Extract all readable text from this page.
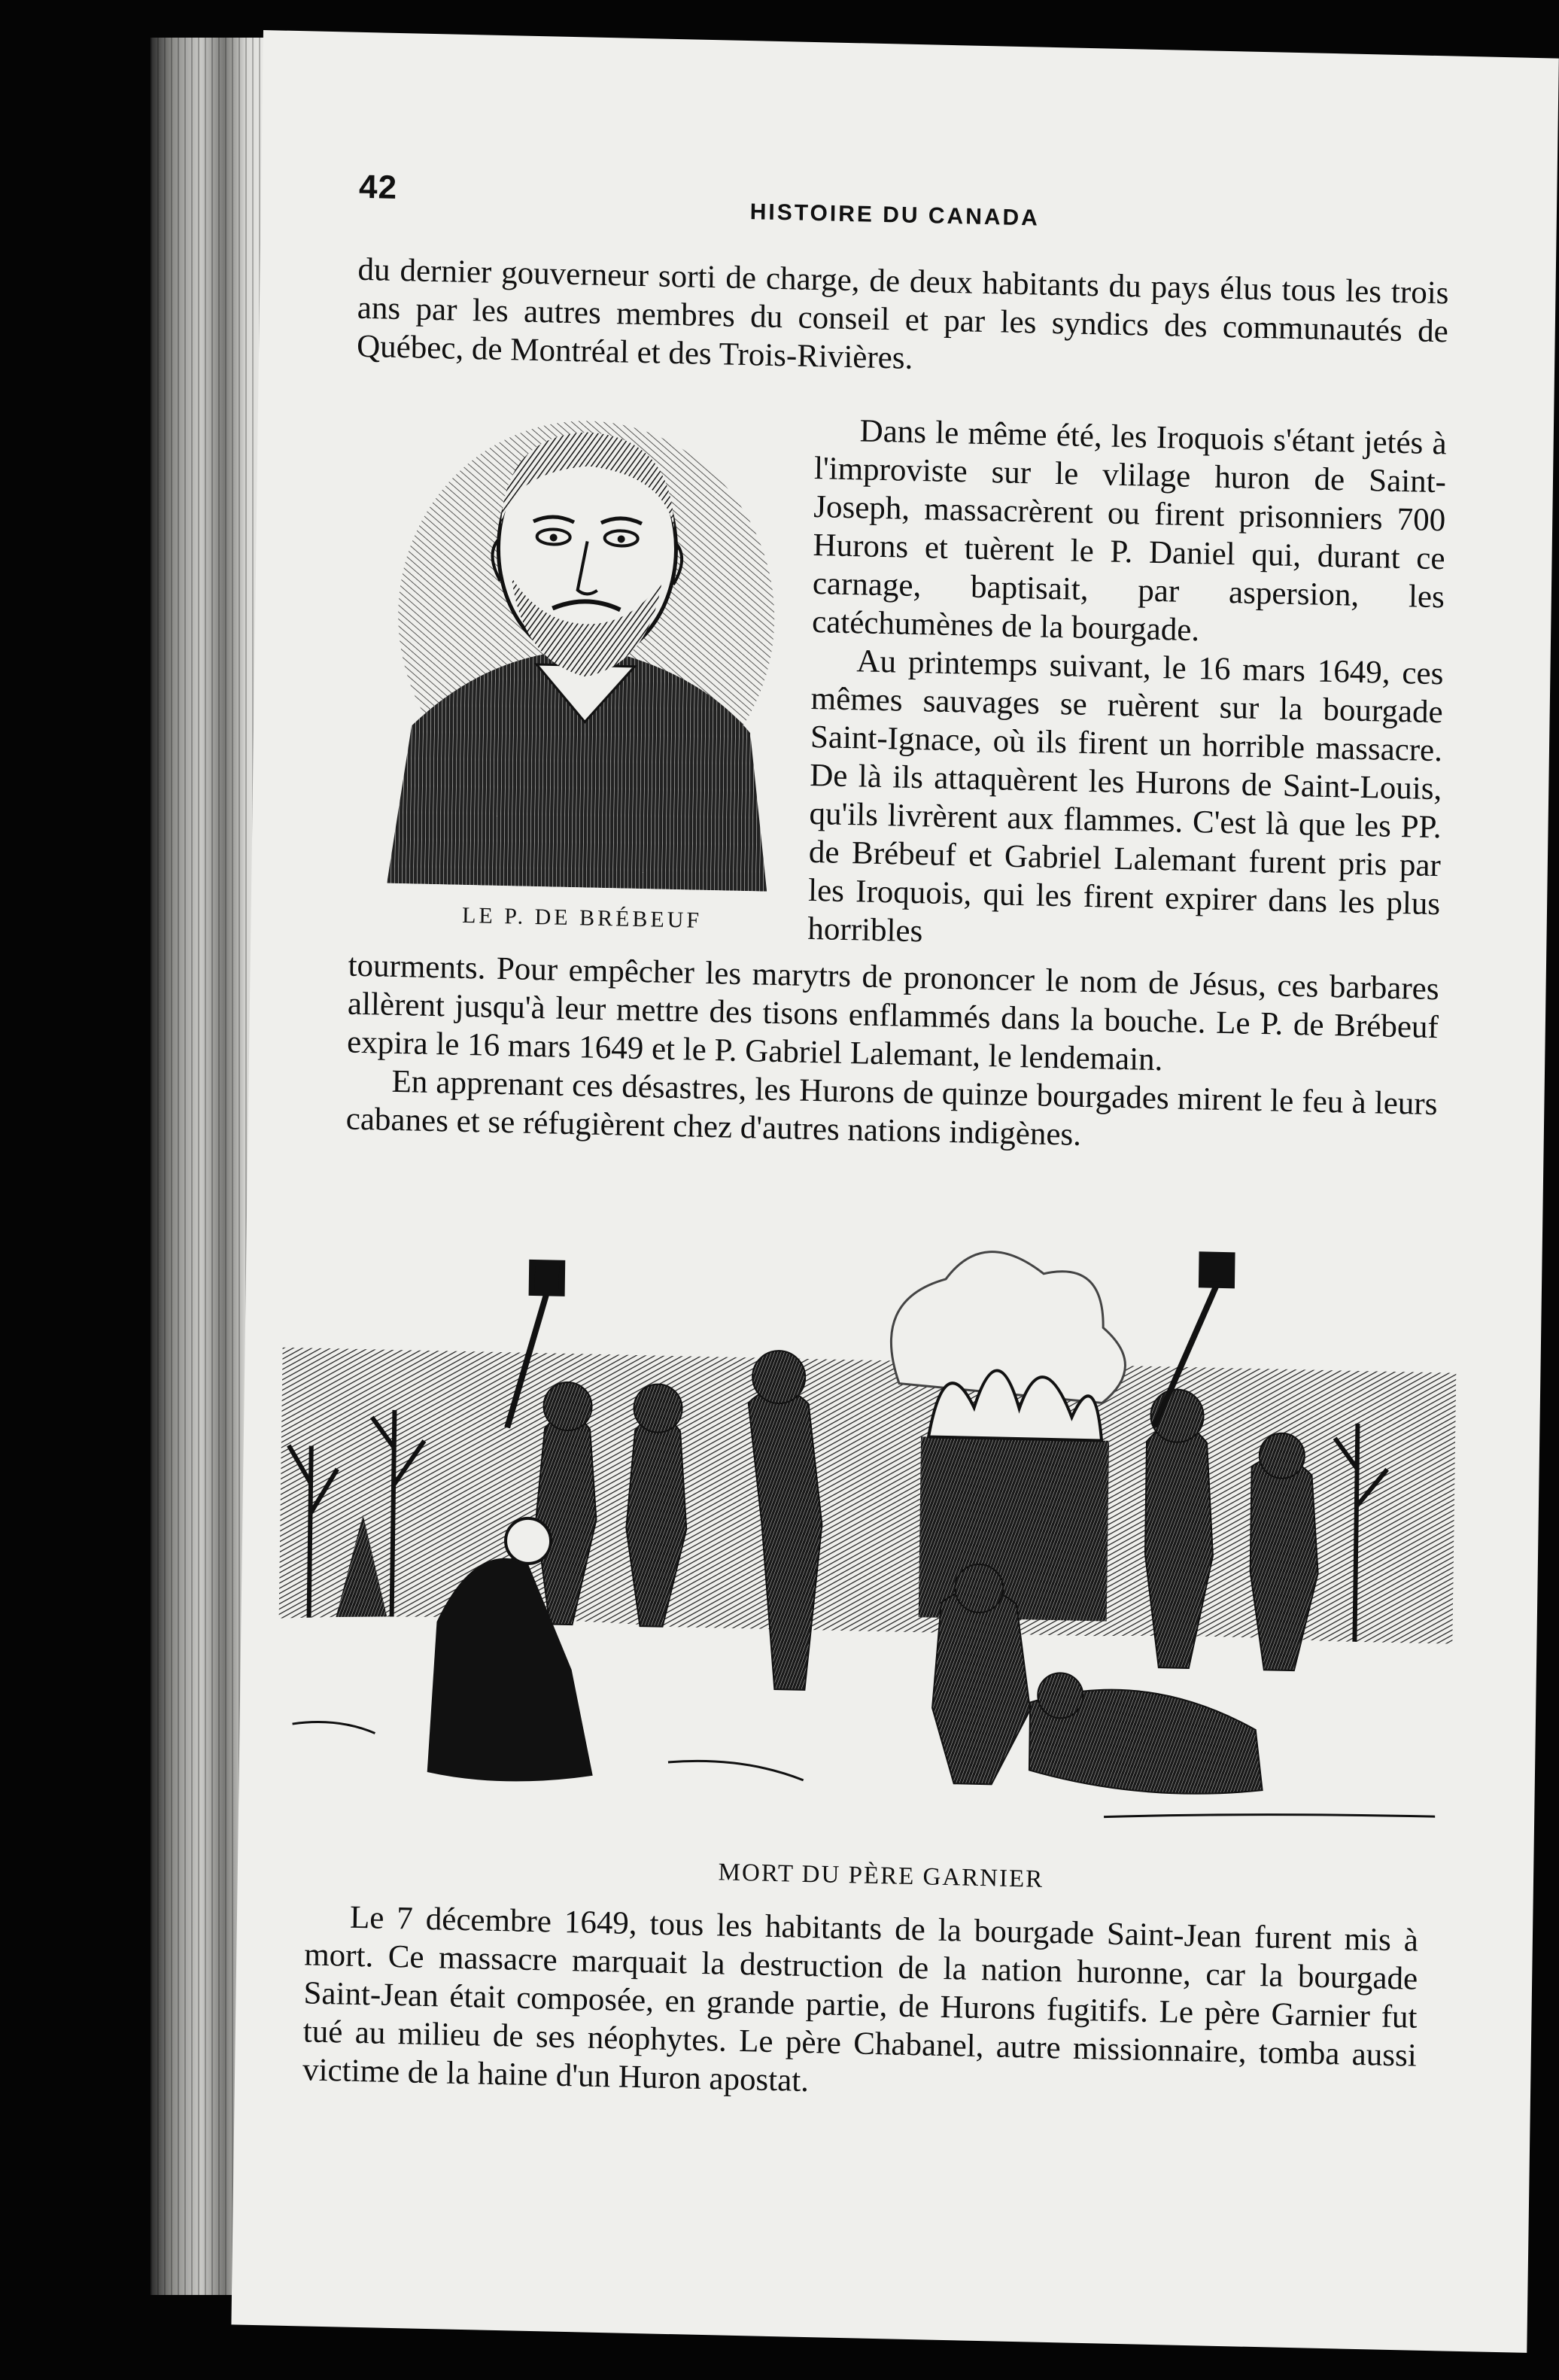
42
HISTOIRE DU CANADA

du dernier gouverneur sorti de charge, de deux habitants du pays élus tous les trois ans par les autres membres du conseil et par les syndics des communautés de Québec, de Montréal et des Trois-Rivières.

LE P. DE BRÉBEUF

Dans le même été, les Iroquois s'étant jetés à l'improviste sur le vlilage huron de Saint-Joseph, massacrèrent ou firent prisonniers 700 Hurons et tuèrent le P. Daniel qui, durant ce carnage, baptisait, par aspersion, les catéchumènes de la bourgade.

Au printemps suivant, le 16 mars 1649, ces mêmes sauvages se ruèrent sur la bourgade Saint-Ignace, où ils firent un horrible massacre. De là ils attaquèrent les Hurons de Saint-Louis, qu'ils livrèrent aux flammes. C'est là que les PP. de Brébeuf et Gabriel Lalemant furent pris par les Iroquois, qui les firent expirer dans les plus horribles

tourments. Pour empêcher les marytrs de prononcer le nom de Jésus, ces barbares allèrent jusqu'à leur mettre des tisons enflammés dans la bouche. Le P. de Brébeuf expira le 16 mars 1649 et le P. Gabriel Lalemant, le lendemain.

En apprenant ces désastres, les Hurons de quinze bourgades mirent le feu à leurs cabanes et se réfugièrent chez d'autres nations indigènes.

MORT DU PÈRE GARNIER

Le 7 décembre 1649, tous les habitants de la bourgade Saint-Jean furent mis à mort. Ce massacre marquait la destruction de la nation huronne, car la bourgade Saint-Jean était composée, en grande partie, de Hurons fugitifs. Le père Garnier fut tué au milieu de ses néophytes. Le père Chabanel, autre missionnaire, tomba aussi victime de la haine d'un Huron apostat.
